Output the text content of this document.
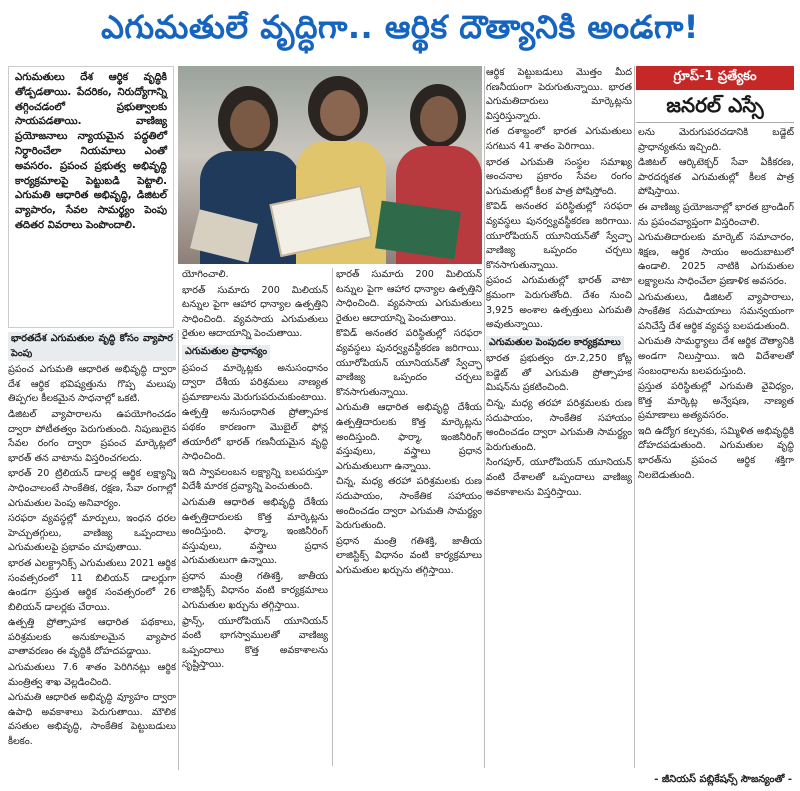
ఎగుమతులే వృద్ధిగా.. ఆర్థిక దౌత్యానికి అండగా!
ఎగుమతులు దేశ ఆర్థిక వృద్ధికి తోడ్పడతాయి. పేదరికం, నిరుద్యోగాన్ని తగ్గించడంలో ప్రభుత్వాలకు సాయపడతాయి. వాణిజ్య ప్రయోజనాలు న్యాయమైన పద్ధతిలో నిర్ధారించేలా నియమాలు ఎంతో అవసరం. ప్రపంచ ప్రభుత్వ అభివృద్ధి కార్యక్రమాలపై పెట్టుబడి పెట్టాలి. ఎగుమతి ఆధారిత అభివృద్ధి, డిజిటల్‌ వ్యాపారం, సేవల సామర్థ్యం పెంపు తదితర వివరాలు పెంపొందాలి.
గ్రూప్‌-1 ప్రత్యేకం
జనరల్‌ ఎస్సే
భారతదేశ ఎగుమతుల వృద్ధి కోసం వ్యాపార పెంపు

ప్రపంచ ఎగుమతి ఆధారిత అభివృద్ధి ద్వారా దేశ ఆర్థిక భవిష్యత్తును గొప్ప మలుపు తిప్పగల కీలకమైన సాధనాల్లో ఒకటి.

డిజిటల్‌ వ్యాపారాలను ఉపయోగించడం ద్వారా పోటీతత్వం పెరుగుతుంది. నిపుణులైన సేవల రంగం ద్వారా ప్రపంచ మార్కెట్లలో భారత్‌ తన వాటాను విస్తరించగలదు.

భారత్‌ 20 ట్రిలియన్‌ డాలర్ల ఆర్థిక లక్ష్యాన్ని సాధించాలంటే సాంకేతిక, రక్షణ, సేవా రంగాల్లో ఎగుమతుల పెంపు అనివార్యం.

సరఫరా వ్యవస్థల్లో మార్పులు, ఇంధన ధరల హెచ్చుతగ్గులు, వాణిజ్య ఒప్పందాలు ఎగుమతులపై ప్రభావం చూపుతాయి.

భారత ఎలక్ట్రానిక్స్‌ ఎగుమతులు 2021 ఆర్థిక సంవత్సరంలో 11 బిలియన్‌ డాలర్లుగా ఉండగా ప్రస్తుత ఆర్థిక సంవత్సరంలో 26 బిలియన్‌ డాలర్లకు చేరాయి.

ఉత్పత్తి ప్రోత్సాహక ఆధారిత పథకాలు, పరిశ్రమలకు అనుకూలమైన వ్యాపార వాతావరణం ఈ వృద్ధికి దోహదపడ్డాయి.

ఎగుమతులు 7.6 శాతం పెరిగినట్లు ఆర్థిక మంత్రిత్వ శాఖ వెల్లడించింది.

ఎగుమతి ఆధారిత అభివృద్ధి వ్యూహం ద్వారా ఉపాధి అవకాశాలు పెరుగుతాయి. మౌలిక వసతుల అభివృద్ధి, సాంకేతిక పెట్టుబడులు కీలకం.

యోగించాలి.

భారత్‌ సుమారు 200 మిలియన్‌ టన్నుల పైగా ఆహార ధాన్యాల ఉత్పత్తిని సాధించింది. వ్యవసాయ ఎగుమతులు రైతుల ఆదాయాన్ని పెంచుతాయి.

ఎగుమతుల ప్రాధాన్యం

ప్రపంచ మార్కెట్లకు అనుసంధానం ద్వారా దేశీయ పరిశ్రమలు నాణ్యత ప్రమాణాలను మెరుగుపరుచుకుంటాయి.

ఉత్పత్తి అనుసంధానిత ప్రోత్సాహక పథకం కారణంగా మొబైల్‌ ఫోన్ల తయారీలో భారత్‌ గణనీయమైన వృద్ధి సాధించింది.

ఇది స్వావలంబన లక్ష్యాన్ని బలపరుస్తూ విదేశీ మారక ద్రవ్యాన్ని పెంచుతుంది.

ఎగుమతి ఆధారిత అభివృద్ధి దేశీయ ఉత్పత్తిదారులకు కొత్త మార్కెట్లను అందిస్తుంది. ఫార్మా, ఇంజినీరింగ్‌ వస్తువులు, వస్త్రాలు ప్రధాన ఎగుమతులుగా ఉన్నాయి.

ప్రధాన మంత్రి గతిశక్తి, జాతీయ లాజిస్టిక్స్‌ విధానం వంటి కార్యక్రమాలు ఎగుమతుల ఖర్చును తగ్గిస్తాయి.

ఫ్రాన్స్‌, యూరోపియన్‌ యూనియన్‌ వంటి భాగస్వాములతో వాణిజ్య ఒప్పందాలు కొత్త అవకాశాలను సృష్టిస్తాయి.

ఆర్థిక పెట్టుబడులు మొత్తం మీద గణనీయంగా పెరుగుతున్నాయి. భారత ఎగుమతిదారులు మార్కెట్లను విస్తరిస్తున్నారు.

గత దశాబ్దంలో భారత ఎగుమతులు సగటున 41 శాతం పెరిగాయి.

భారత ఎగుమతి సంస్థల సమాఖ్య అంచనాల ప్రకారం సేవల రంగం ఎగుమతుల్లో కీలక పాత్ర పోషిస్తోంది.

కొవిడ్‌ అనంతర పరిస్థితుల్లో సరఫరా వ్యవస్థలు పునర్వ్యవస్థీకరణ జరిగాయి. యూరోపియన్‌ యూనియన్‌తో స్వేచ్ఛా వాణిజ్య ఒప్పందం చర్చలు కొనసాగుతున్నాయి.

ప్రపంచ ఎగుమతుల్లో భారత్‌ వాటా క్రమంగా పెరుగుతోంది. దేశం నుంచి 3,925 అంశాల ఉత్పత్తులు ఎగుమతి అవుతున్నాయి.

ఎగుమతుల పెంపుదల కార్యక్రమాలు

భారత ప్రభుత్వం రూ.2,250 కోట్ల బడ్జెట్‌ తో ఎగుమతి ప్రోత్సాహక మిషన్‌ను ప్రకటించింది.

చిన్న, మధ్య తరహా పరిశ్రమలకు రుణ సదుపాయం, సాంకేతిక సహాయం అందించడం ద్వారా ఎగుమతి సామర్థ్యం పెరుగుతుంది.

సింగపూర్‌, యూరోపియన్‌ యూనియన్‌ వంటి దేశాలతో ఒప్పందాలు వాణిజ్య అవకాశాలను విస్తరిస్తాయి.

భారత్‌ సుమారు 200 మిలియన్‌ టన్నుల పైగా ఆహార ధాన్యాల ఉత్పత్తిని సాధించింది. వ్యవసాయ ఎగుమతులు రైతుల ఆదాయాన్ని పెంచుతాయి.

కొవిడ్‌ అనంతర పరిస్థితుల్లో సరఫరా వ్యవస్థలు పునర్వ్యవస్థీకరణ జరిగాయి. యూరోపియన్‌ యూనియన్‌తో స్వేచ్ఛా వాణిజ్య ఒప్పందం చర్చలు కొనసాగుతున్నాయి.

ఎగుమతి ఆధారిత అభివృద్ధి దేశీయ ఉత్పత్తిదారులకు కొత్త మార్కెట్లను అందిస్తుంది. ఫార్మా, ఇంజినీరింగ్‌ వస్తువులు, వస్త్రాలు ప్రధాన ఎగుమతులుగా ఉన్నాయి.

చిన్న, మధ్య తరహా పరిశ్రమలకు రుణ సదుపాయం, సాంకేతిక సహాయం అందించడం ద్వారా ఎగుమతి సామర్థ్యం పెరుగుతుంది.

ప్రధాన మంత్రి గతిశక్తి, జాతీయ లాజిస్టిక్స్‌ విధానం వంటి కార్యక్రమాలు ఎగుమతుల ఖర్చును తగ్గిస్తాయి.

లను మెరుగుపరచడానికి బడ్జెట్‌ ప్రాధాన్యతను ఇచ్చింది.

డిజిటల్‌ ఆర్కిటెక్చర్‌ సేవా ఏకీకరణ, పారదర్శకత ఎగుమతుల్లో కీలక పాత్ర పోషిస్తాయి.

ఈ వాణిజ్య ప్రయోజనాల్లో భారత బ్రాండింగ్‌ ను ప్రపంచవ్యాప్తంగా విస్తరించాలి.

ఎగుమతిదారులకు మార్కెట్‌ సమాచారం, శిక్షణ, ఆర్థిక సాయం అందుబాటులో ఉండాలి. 2025 నాటికి ఎగుమతుల లక్ష్యాలను సాధించేలా ప్రణాళిక అవసరం.

ఎగుమతులు, డిజిటల్‌ వ్యాపారాలు, సాంకేతిక సదుపాయాలు సమన్వయంగా పనిచేస్తే దేశ ఆర్థిక వ్యవస్థ బలపడుతుంది.

ఎగుమతి సామర్థ్యాలు దేశ ఆర్థిక దౌత్యానికి అండగా నిలుస్తాయి. ఇది విదేశాలతో సంబంధాలను బలపరుస్తుంది.

ప్రస్తుత పరిస్థితుల్లో ఎగుమతి వైవిధ్యం, కొత్త మార్కెట్ల అన్వేషణ, నాణ్యత ప్రమాణాలు అత్యవసరం.

ఇది ఉద్యోగ కల్పనకు, సమ్మిళిత అభివృద్ధికి దోహదపడుతుంది. ఎగుమతుల వృద్ధి భారత్‌ను ప్రపంచ ఆర్థిక శక్తిగా నిలబెడుతుంది.

- జీనియస్‌ పబ్లికేషన్స్‌ సౌజన్యంతో -
